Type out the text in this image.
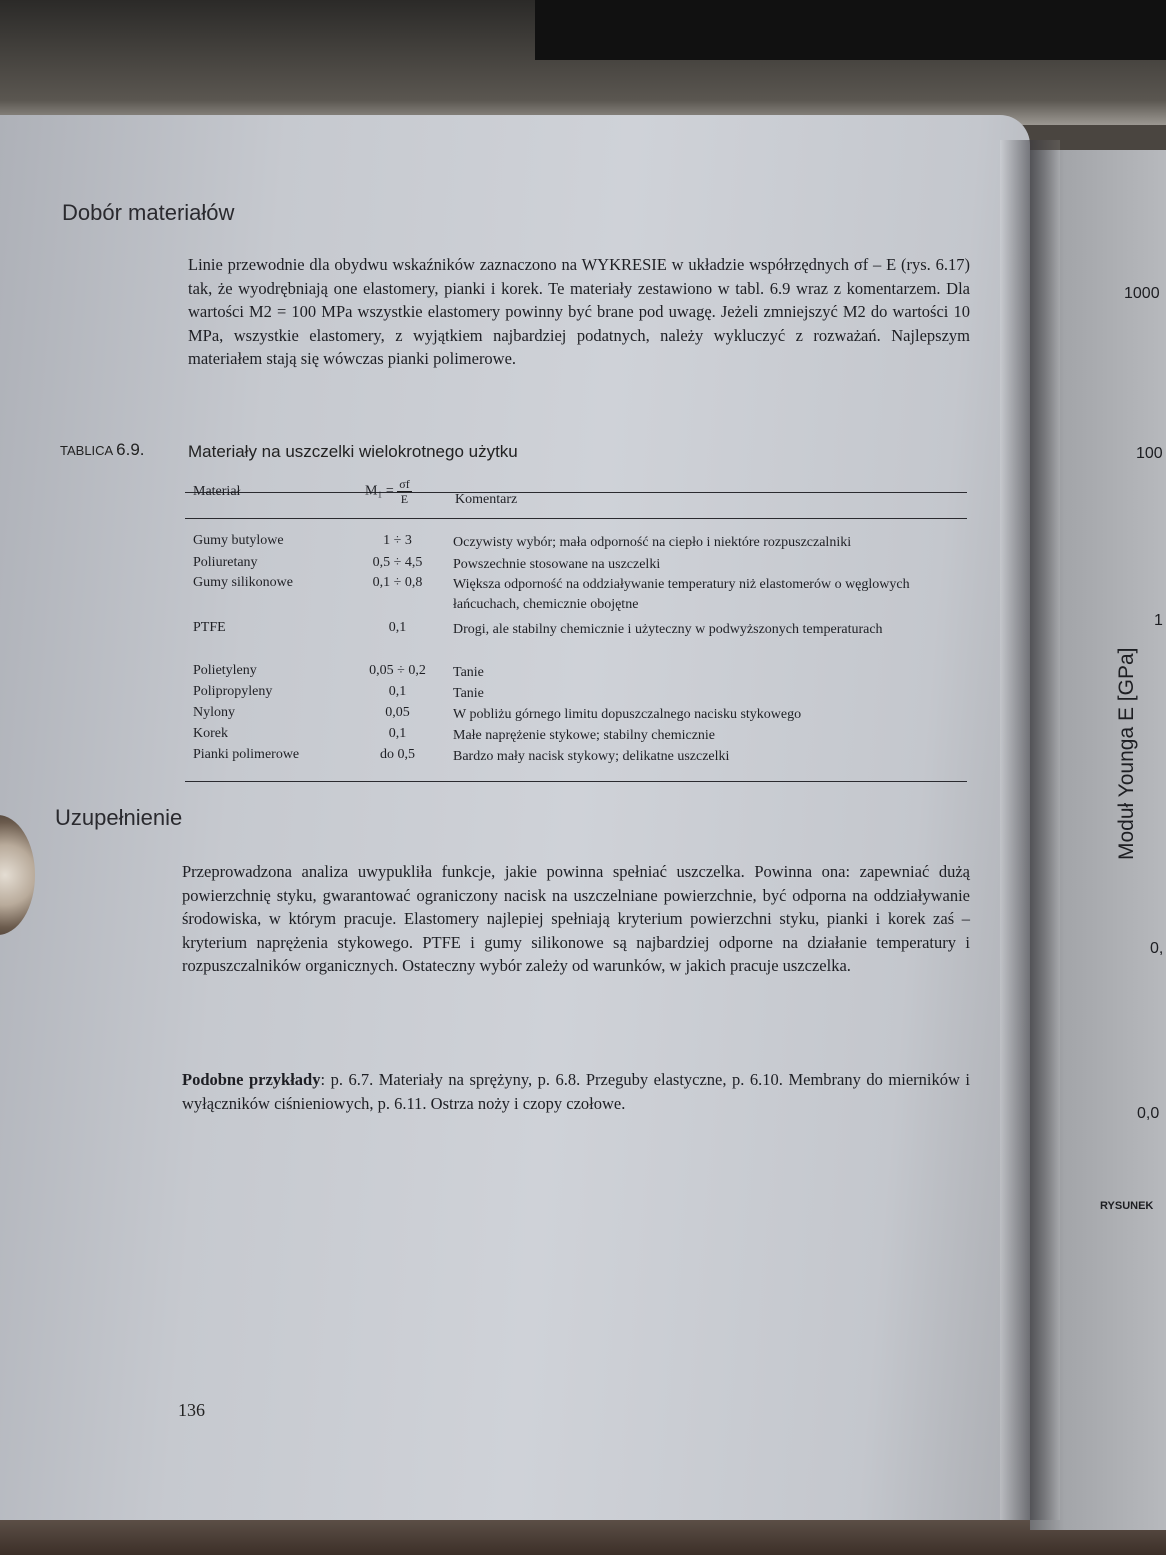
Dobór materiałów

Linie przewodnie dla obydwu wskaźników zaznaczono na WYKRESIE w układzie współrzędnych σf – E (rys. 6.17) tak, że wyodrębniają one elastomery, pianki i korek. Te materiały zestawiono w tabl. 6.9 wraz z komentarzem. Dla wartości M2 = 100 MPa wszystkie elastomery powinny być brane pod uwagę. Jeżeli zmniejszyć M2 do wartości 10 MPa, wszystkie elastomery, z wyjątkiem najbardziej podatnych, należy wykluczyć z rozważań. Najlepszym materiałem stają się wówczas pianki polimerowe.

TABLICA 6.9.	Materiały na uszczelki wielokrotnego użytku
Materiał	$M_1 = \frac{\sigma f}{E}$	Komentarz
Gumy butylowe	1 ÷ 3	Oczywisty wybór; mała odporność na ciepło i niektóre rozpuszczalniki
Poliuretany	0,5 ÷ 4,5	Powszechnie stosowane na uszczelki
Gumy silikonowe	0,1 ÷ 0,8	Większa odporność na oddziaływanie temperatury niż elastomerów o węglowych łańcuchach, chemicznie obojętne
PTFE	0,1	Drogi, ale stabilny chemicznie i użyteczny w podwyższonych temperaturach
Polietyleny	0,05 ÷ 0,2	Tanie
Polipropyleny	0,1	Tanie
Nylony	0,05	W pobliżu górnego limitu dopuszczalnego nacisku stykowego
Korek	0,1	Małe naprężenie stykowe; stabilny chemicznie
Pianki polimerowe	do 0,5	Bardzo mały nacisk stykowy; delikatne uszczelki
Uzupełnienie

Przeprowadzona analiza uwypukliła funkcje, jakie powinna spełniać uszczelka. Powinna ona: zapewniać dużą powierzchnię styku, gwarantować ograniczony nacisk na uszczelniane powierzchnie, być odporna na oddziaływanie środowiska, w którym pracuje. Elastomery najlepiej spełniają kryterium powierzchni styku, pianki i korek zaś – kryterium naprężenia stykowego. PTFE i gumy silikonowe są najbardziej odporne na działanie temperatury i rozpuszczalników organicznych. Ostateczny wybór zależy od warunków, w jakich pracuje uszczelka.

Podobne przykłady: p. 6.7. Materiały na sprężyny, p. 6.8. Przeguby elastyczne, p. 6.10. Membrany do mierników i wyłączników ciśnieniowych, p. 6.11. Ostrza noży i czopy czołowe.

136
1000
100
1
0,
0,0
Moduł Younga E [GPa]
RYSUNEK
